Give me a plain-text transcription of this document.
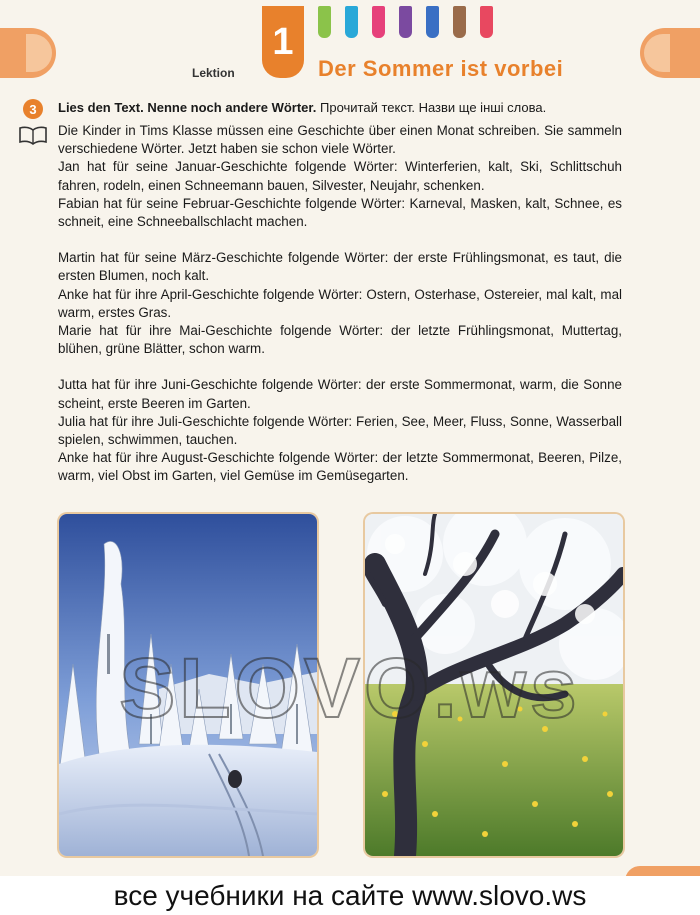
Lektion
1
Der Sommer ist vorbei
3	Lies den Text. Nenne noch andere Wörter. Прочитай текст. Назви ще інші слова.

Die Kinder in Tims Klasse müssen eine Geschichte über einen Monat schreiben. Sie sammeln verschiedene Wörter. Jetzt haben sie schon viele Wörter.

Jan hat für seine Januar-Geschichte folgende Wörter: Winterferien, kalt, Ski, Schlittschuh fahren, rodeln, einen Schneemann bauen, Silvester, Neujahr, schenken.

Fabian hat für seine Februar-Geschichte folgende Wörter: Karneval, Masken, kalt, Schnee, es schneit, eine Schneeballschlacht machen.

Martin hat für seine März-Geschichte folgende Wörter: der erste Frühlingsmonat, es taut, die ersten Blumen, noch kalt.

Anke hat für ihre April-Geschichte folgende Wörter: Ostern, Osterhase, Ostereier, mal kalt, mal warm, erstes Gras.

Marie hat für ihre Mai-Geschichte folgende Wörter: der letzte Frühlingsmonat, Muttertag, blühen, grüne Blätter, schon warm.

Jutta hat für ihre Juni-Geschichte folgende Wörter: der erste Sommermonat, warm, die Sonne scheint, erste Beeren im Garten.

Julia hat für ihre Juli-Geschichte folgende Wörter: Ferien, See, Meer, Fluss, Sonne, Wasserball spielen, schwimmen, tauchen.

Anke hat für ihre August-Geschichte folgende Wörter: der letzte Sommermonat, Beeren, Pilze, warm, viel Obst im Garten, viel Gemüse im Gemüsegarten.

SLOVO.ws
все учебники на сайте www.slovo.ws
